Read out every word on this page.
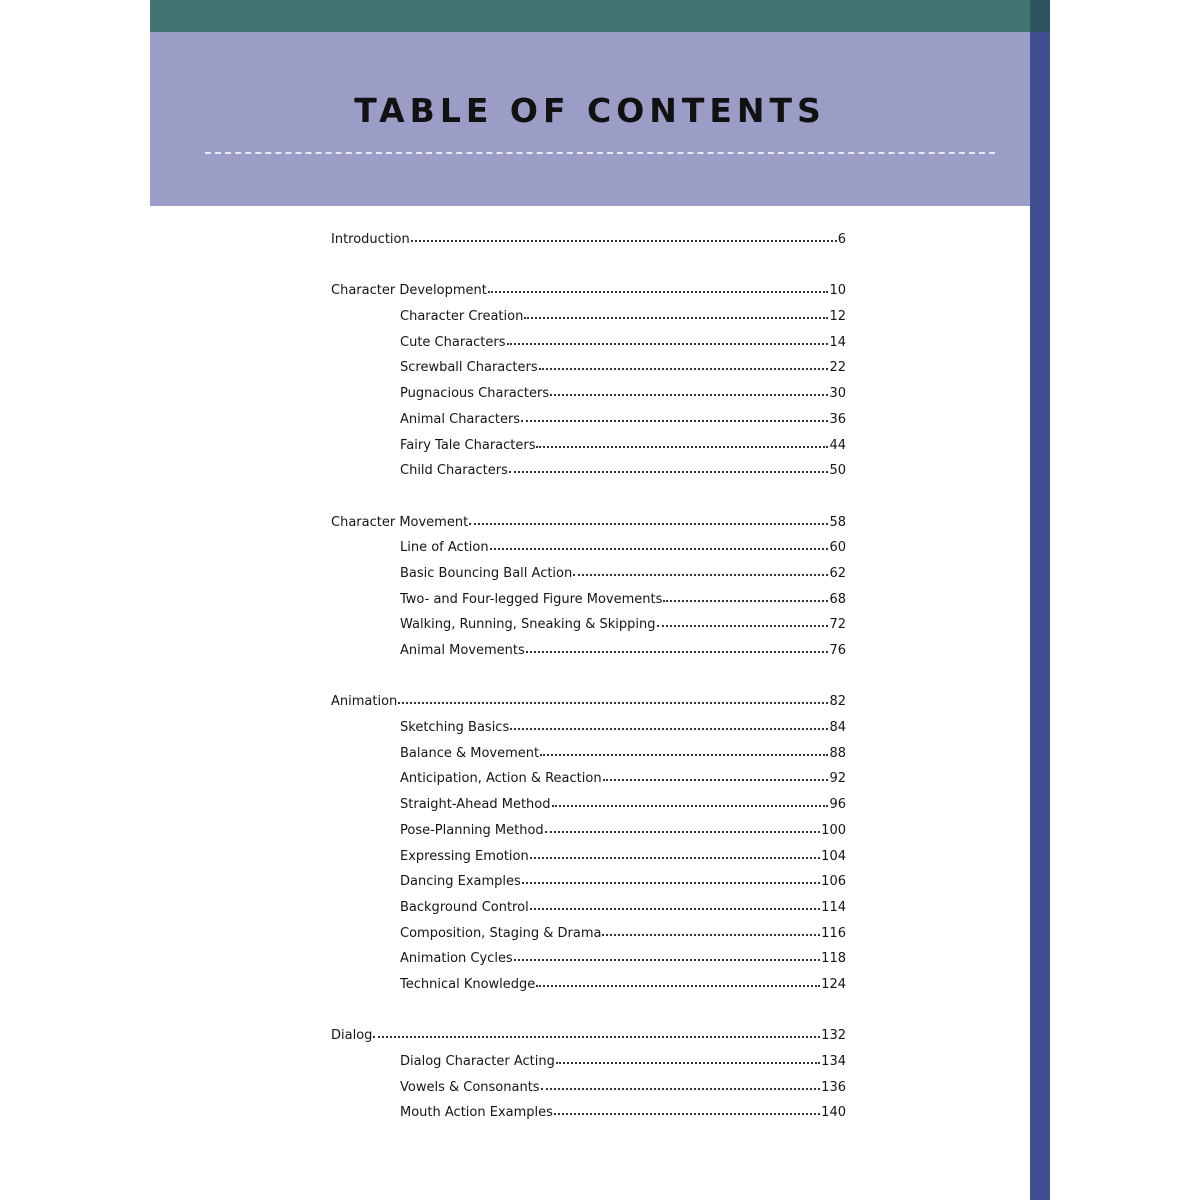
TABLE OF CONTENTS
Introduction	6
Character Development	10
Character Creation	12
Cute Characters	14
Screwball Characters	22
Pugnacious Characters	30
Animal Characters	36
Fairy Tale Characters	44
Child Characters	50
Character Movement	58
Line of Action	60
Basic Bouncing Ball Action	62
Two- and Four-legged Figure Movements	68
Walking, Running, Sneaking & Skipping	72
Animal Movements	76
Animation	82
Sketching Basics	84
Balance & Movement	88
Anticipation, Action & Reaction	92
Straight-Ahead Method	96
Pose-Planning Method	100
Expressing Emotion	104
Dancing Examples	106
Background Control	114
Composition, Staging & Drama	116
Animation Cycles	118
Technical Knowledge	124
Dialog	132
Dialog Character Acting	134
Vowels & Consonants	136
Mouth Action Examples	140
